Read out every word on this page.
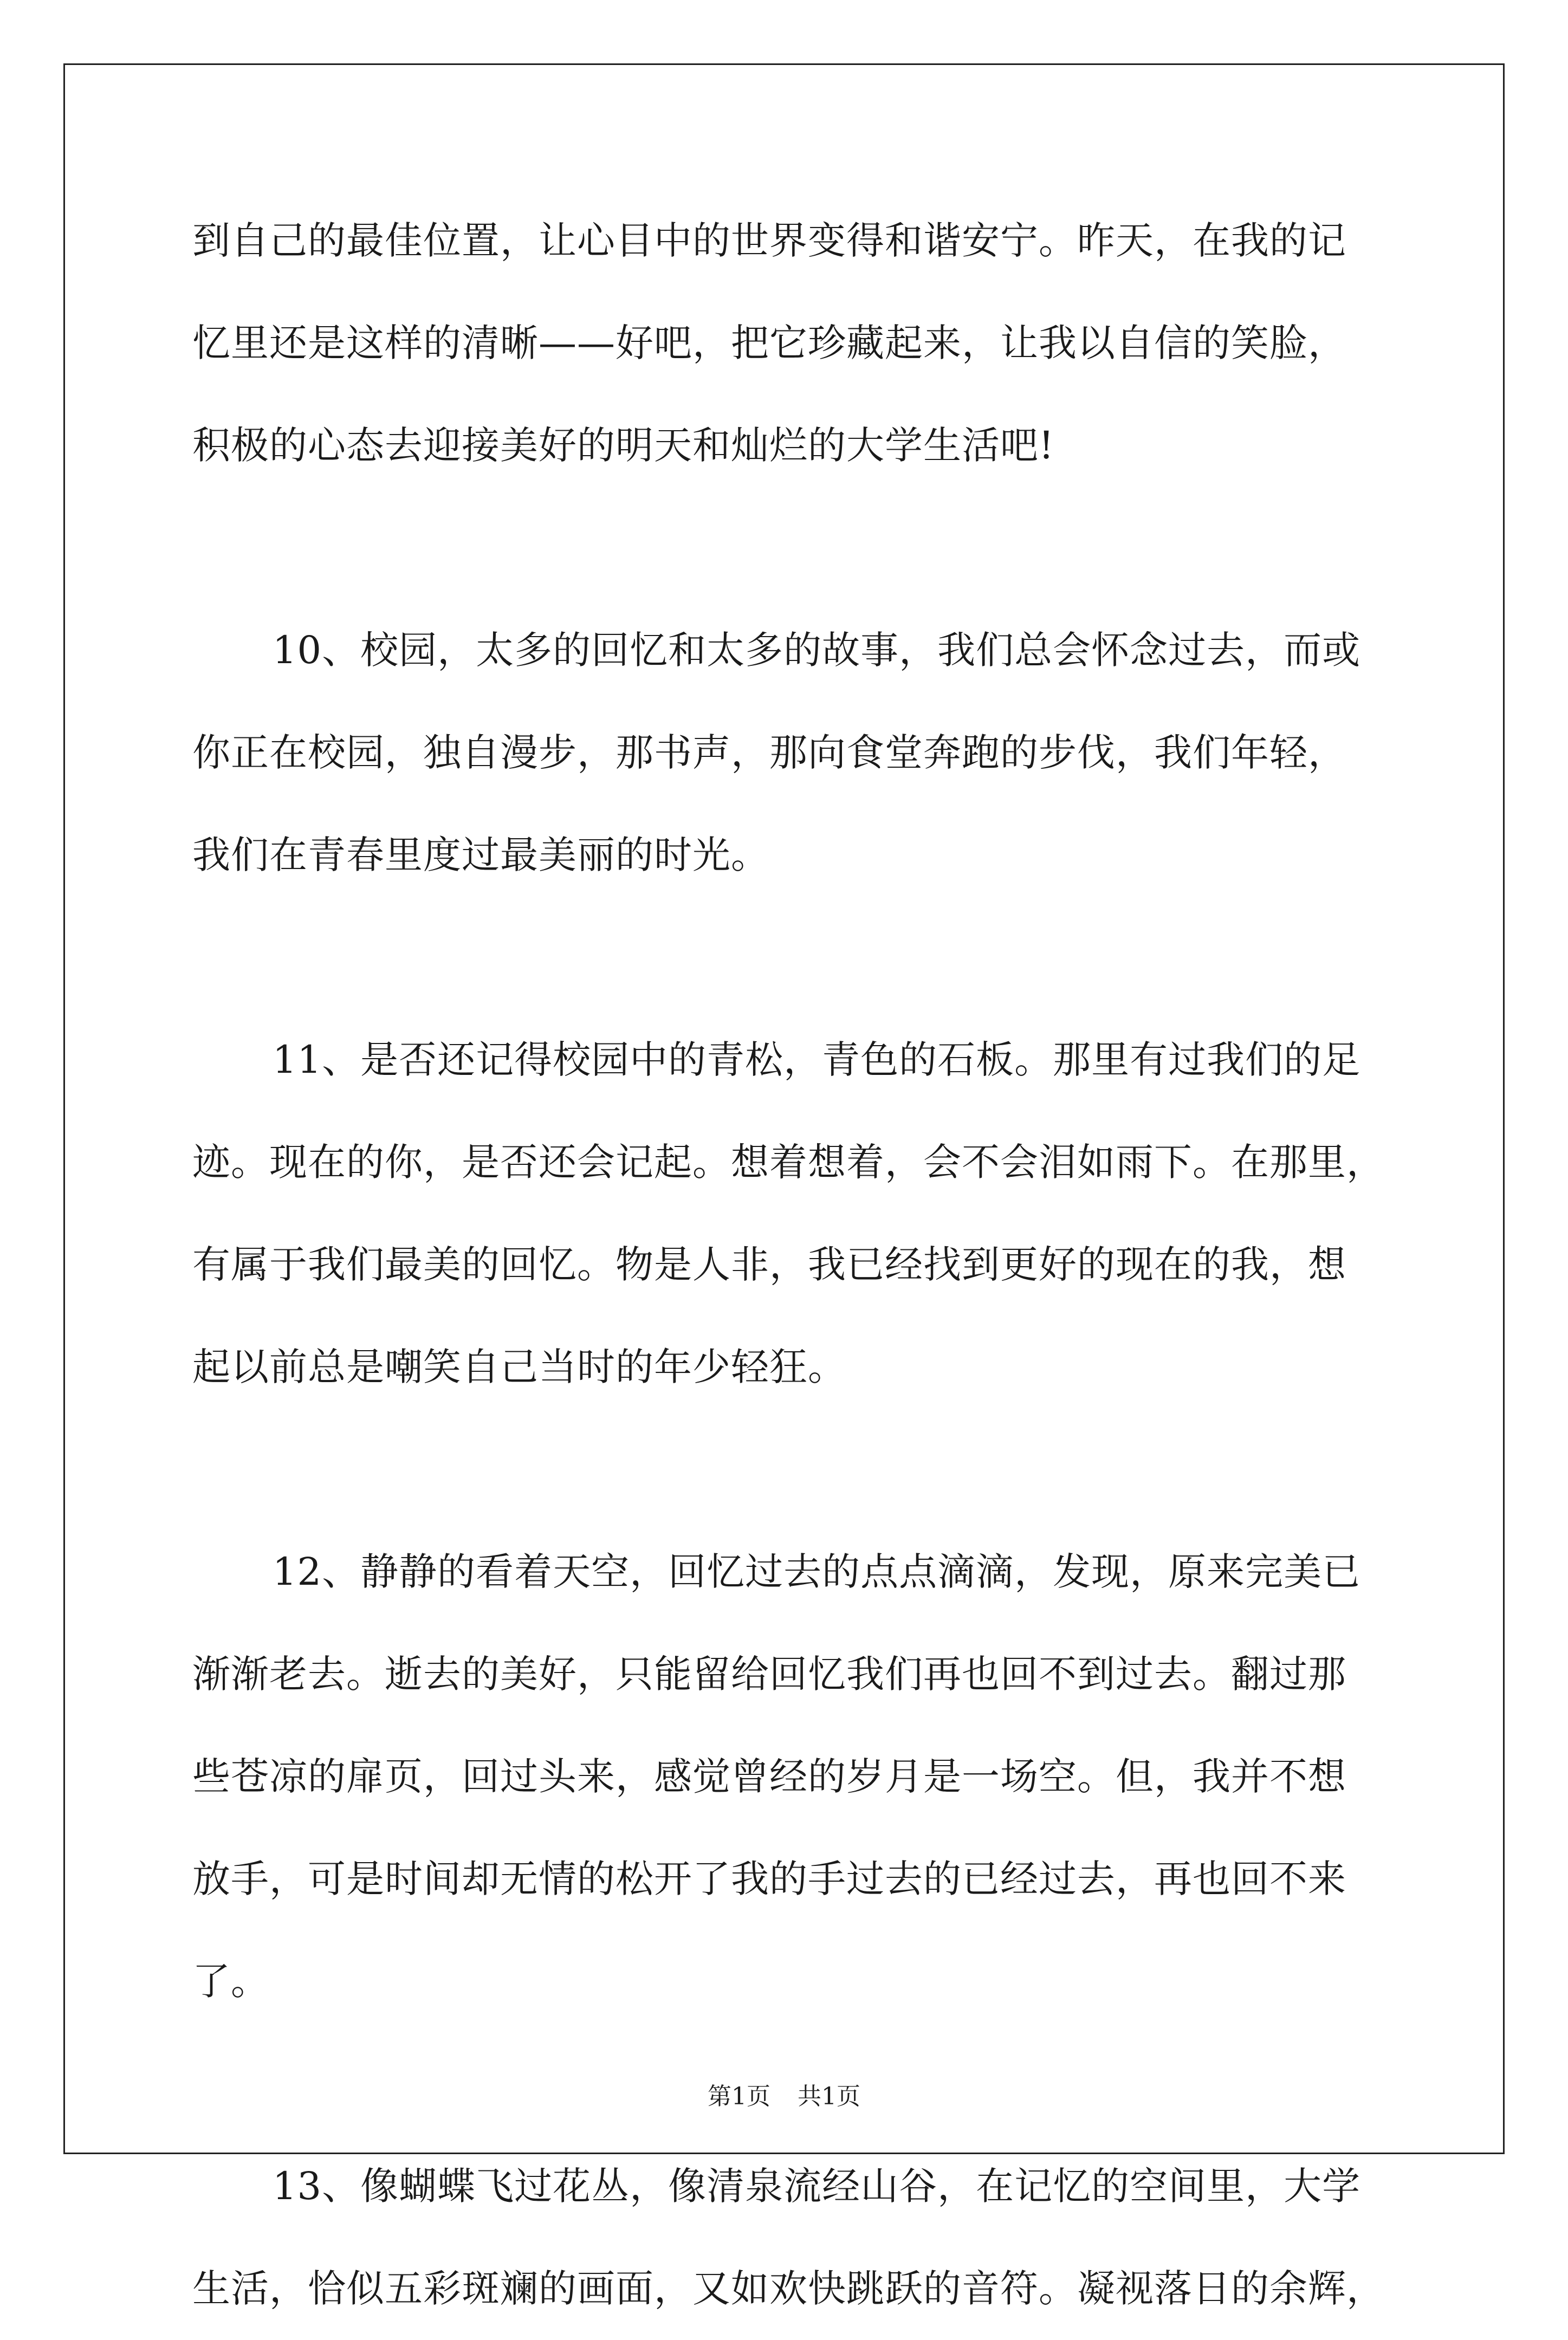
到自己的最佳位置，让心目中的世界变得和谐安宁。昨天，在我的记
忆里还是这样的清晰——好吧，把它珍藏起来，让我以自信的笑脸，
积极的心态去迎接美好的明天和灿烂的大学生活吧!
10、校园，太多的回忆和太多的故事，我们总会怀念过去，而或
你正在校园，独自漫步，那书声，那向食堂奔跑的步伐，我们年轻，
我们在青春里度过最美丽的时光。
11、是否还记得校园中的青松，青色的石板。那里有过我们的足
迹。现在的你，是否还会记起。想着想着，会不会泪如雨下。在那里，
有属于我们最美的回忆。物是人非，我已经找到更好的现在的我，想
起以前总是嘲笑自己当时的年少轻狂。
12、静静的看着天空，回忆过去的点点滴滴，发现，原来完美已
渐渐老去。逝去的美好，只能留给回忆我们再也回不到过去。翻过那
些苍凉的扉页，回过头来，感觉曾经的岁月是一场空。但，我并不想
放手，可是时间却无情的松开了我的手过去的已经过去，再也回不来
了。
13、像蝴蝶飞过花丛，像清泉流经山谷，在记忆的空间里，大学
生活，恰似五彩斑斓的画面，又如欢快跳跃的音符。凝视落日的余辉，
第1页 共1页
